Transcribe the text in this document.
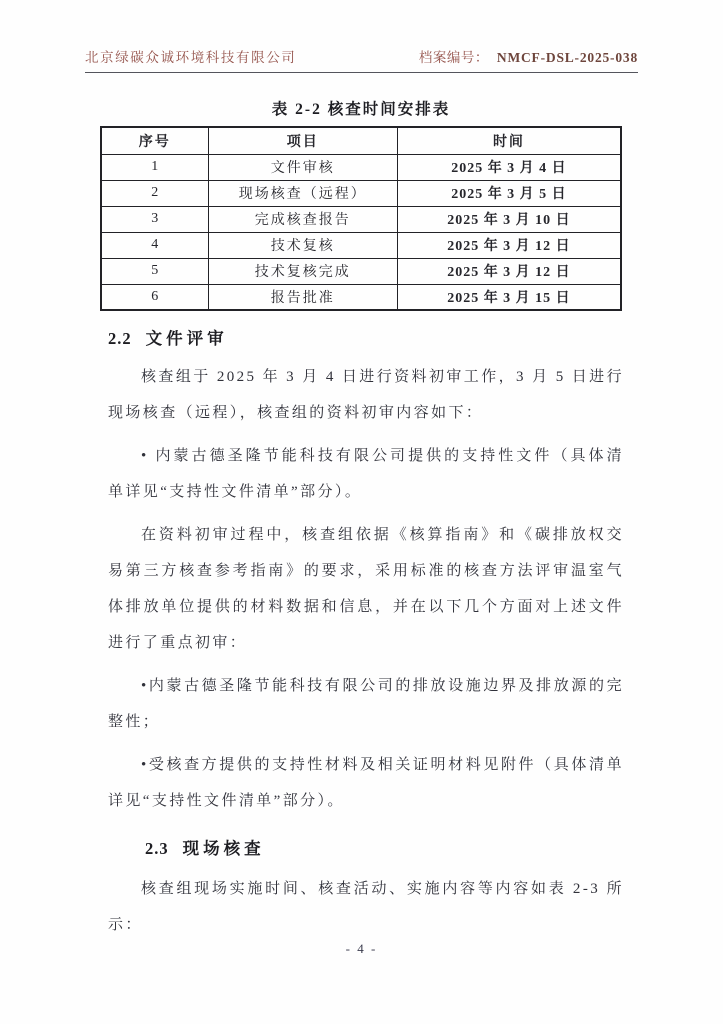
北京绿碳众诚环境科技有限公司	档案编号： NMCF-DSL-2025-038
表 2-2 核查时间安排表
序号	项目	时间
1	文件审核	2025 年 3 月 4 日
2	现场核查（远程）	2025 年 3 月 5 日
3	完成核查报告	2025 年 3 月 10 日
4	技术复核	2025 年 3 月 12 日
5	技术复核完成	2025 年 3 月 12 日
6	报告批准	2025 年 3 月 15 日
2.2 文件评审

核查组于 2025 年 3 月 4 日进行资料初审工作，3 月 5 日进行现场核查（远程），核查组的资料初审内容如下：

• 内蒙古德圣隆节能科技有限公司提供的支持性文件（具体清单详见“支持性文件清单”部分）。

在资料初审过程中，核查组依据《核算指南》和《碳排放权交易第三方核查参考指南》的要求，采用标准的核查方法评审温室气体排放单位提供的材料数据和信息，并在以下几个方面对上述文件进行了重点初审：

•内蒙古德圣隆节能科技有限公司的排放设施边界及排放源的完整性；

•受核查方提供的支持性材料及相关证明材料见附件（具体清单详见“支持性文件清单”部分）。

2.3 现场核查

核查组现场实施时间、核查活动、实施内容等内容如表 2-3 所示：

- 4 -
